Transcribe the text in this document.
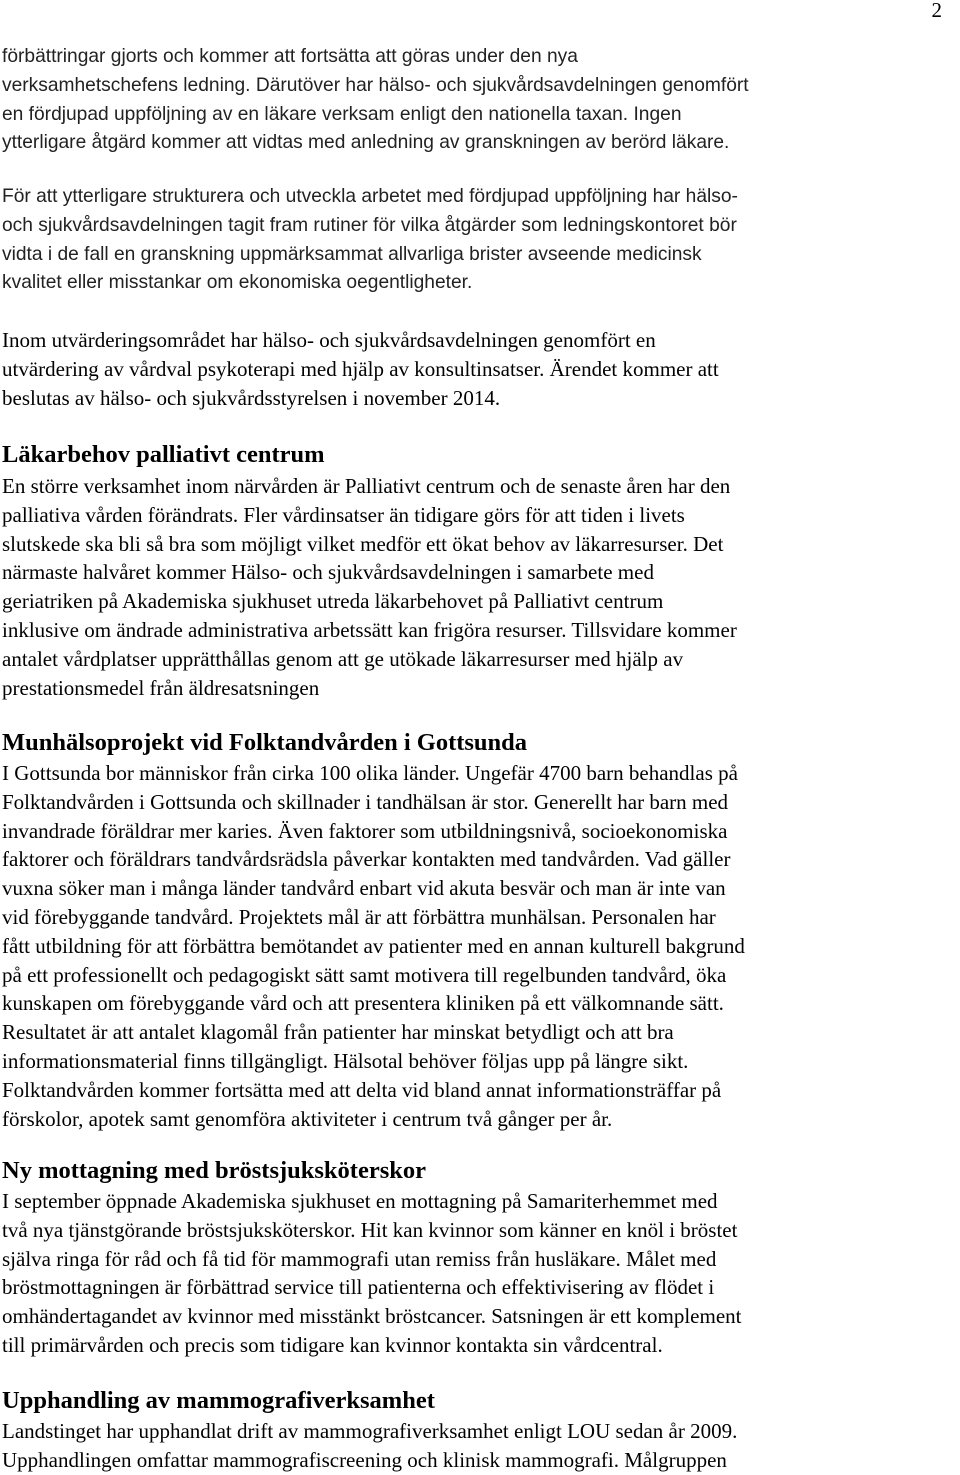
2

förbättringar gjorts och kommer att fortsätta att göras under den nya
verksamhetschefens ledning. Därutöver har hälso- och sjukvårdsavdelningen genomfört
en fördjupad uppföljning av en läkare verksam enligt den nationella taxan. Ingen
ytterligare åtgärd kommer att vidtas med anledning av granskningen av berörd läkare.

För att ytterligare strukturera och utveckla arbetet med fördjupad uppföljning har hälso-
och sjukvårdsavdelningen tagit fram rutiner för vilka åtgärder som ledningskontoret bör
vidta i de fall en granskning uppmärksammat allvarliga brister avseende medicinsk
kvalitet eller misstankar om ekonomiska oegentligheter.

Inom utvärderingsområdet har hälso- och sjukvårdsavdelningen genomfört en
utvärdering av vårdval psykoterapi med hjälp av konsultinsatser. Ärendet kommer att
beslutas av hälso- och sjukvårdsstyrelsen i november 2014.

Läkarbehov palliativt centrum

En större verksamhet inom närvården är Palliativt centrum och de senaste åren har den
palliativa vården förändrats. Fler vårdinsatser än tidigare görs för att tiden i livets
slutskede ska bli så bra som möjligt vilket medför ett ökat behov av läkarresurser. Det
närmaste halvåret kommer Hälso- och sjukvårdsavdelningen i samarbete med
geriatriken på Akademiska sjukhuset utreda läkarbehovet på Palliativt centrum
inklusive om ändrade administrativa arbetssätt kan frigöra resurser. Tillsvidare kommer
antalet vårdplatser upprätthållas genom att ge utökade läkarresurser med hjälp av
prestationsmedel från äldresatsningen

Munhälsoprojekt vid Folktandvården i Gottsunda

I Gottsunda bor människor från cirka 100 olika länder. Ungefär 4700 barn behandlas på
Folktandvården i Gottsunda och skillnader i tandhälsan är stor. Generellt har barn med
invandrade föräldrar mer karies. Även faktorer som utbildningsnivå, socioekonomiska
faktorer och föräldrars tandvårdsrädsla påverkar kontakten med tandvården. Vad gäller
vuxna söker man i många länder tandvård enbart vid akuta besvär och man är inte van
vid förebyggande tandvård. Projektets mål är att förbättra munhälsan. Personalen har
fått utbildning för att förbättra bemötandet av patienter med en annan kulturell bakgrund
på ett professionellt och pedagogiskt sätt samt motivera till regelbunden tandvård, öka
kunskapen om förebyggande vård och att presentera kliniken på ett välkomnande sätt.
Resultatet är att antalet klagomål från patienter har minskat betydligt och att bra
informationsmaterial finns tillgängligt. Hälsotal behöver följas upp på längre sikt.
Folktandvården kommer fortsätta med att delta vid bland annat informationsträffar på
förskolor, apotek samt genomföra aktiviteter i centrum två gånger per år.

Ny mottagning med bröstsjuksköterskor

I september öppnade Akademiska sjukhuset en mottagning på Samariterhemmet med
två nya tjänstgörande bröstsjuksköterskor. Hit kan kvinnor som känner en knöl i bröstet
själva ringa för råd och få tid för mammografi utan remiss från husläkare. Målet med
bröstmottagningen är förbättrad service till patienterna och effektivisering av flödet i
omhändertagandet av kvinnor med misstänkt bröstcancer. Satsningen är ett komplement
till primärvården och precis som tidigare kan kvinnor kontakta sin vårdcentral.

Upphandling av mammografiverksamhet

Landstinget har upphandlat drift av mammografiverksamhet enligt LOU sedan år 2009.
Upphandlingen omfattar mammografiscreening och klinisk mammografi. Målgruppen
